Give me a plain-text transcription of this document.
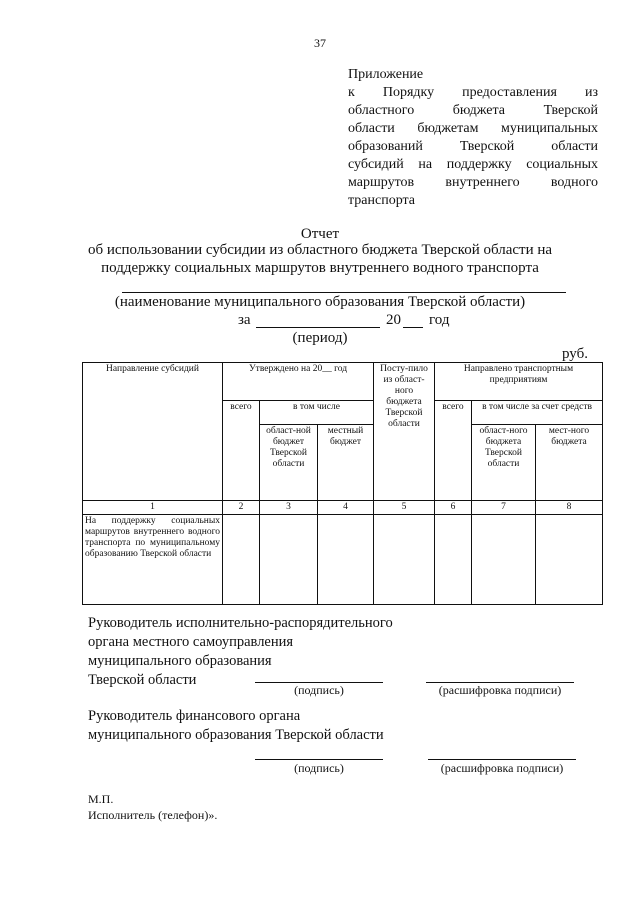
37
Приложение
к Порядку предоставления из
областного бюджета Тверской
области бюджетам муниципальных
образований Тверской области
субсидий на поддержку социальных
маршрутов внутреннего водного
транспорта
Отчет
об использовании субсидии из областного бюджета Тверской области на
поддержку социальных маршрутов внутреннего водного транспорта
(наименование муниципального образования Тверской области)
за	20 год
(период)
руб.
Направление субсидий	Утверждено на 20__ год			Посту-пило из област-ного бюджета Тверской области	Направлено транспортным предприятиям		
	всего	в том числе			всего	в том числе за счет средств	
		област-ной бюджет Тверской области	местный бюджет			област-ного бюджета Тверской области	мест-ного бюджета
1	2	3	4	5	6	7	8
На поддержку социальных маршрутов внутреннего водного транспорта по муниципальному образованию Тверской области							
Руководитель исполнительно-распорядительного
органа местного самоуправления
муниципального образования
Тверской области
(подпись)	(расшифровка подписи)
Руководитель финансового органа
муниципального образования Тверской области
(подпись)	(расшифровка подписи)
М.П.
Исполнитель (телефон)».
